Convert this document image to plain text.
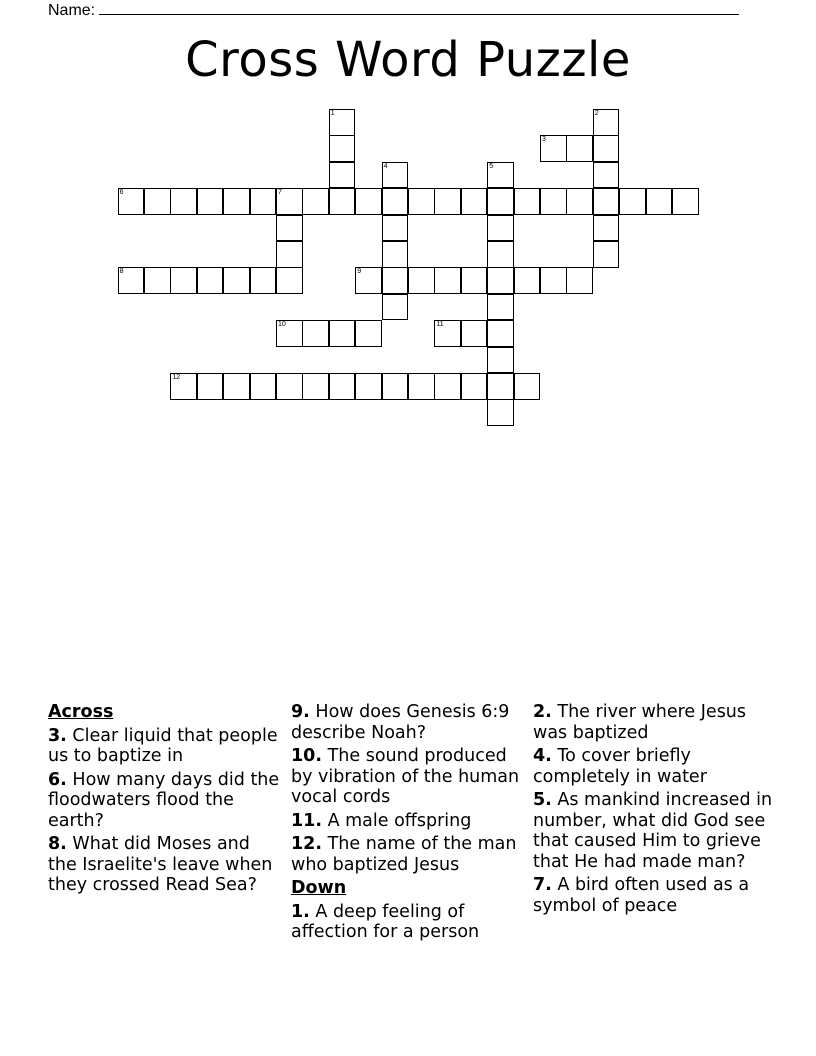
Name:
Cross Word Puzzle
1	2
3
4	5
6	7
8	9
10	11
12
Across
3. Clear liquid that people us to baptize in
6. How many days did the floodwaters flood the earth?
8. What did Moses and the Israelite's leave when they crossed Read Sea?
9. How does Genesis 6:9 describe Noah?
10. The sound produced by vibration of the human vocal cords
11. A male offspring
12. The name of the man who baptized Jesus
Down
1. A deep feeling of affection for a person
2. The river where Jesus was baptized
4. To cover briefly completely in water
5. As mankind increased in number, what did God see that caused Him to grieve that He had made man?
7. A bird often used as a symbol of peace
